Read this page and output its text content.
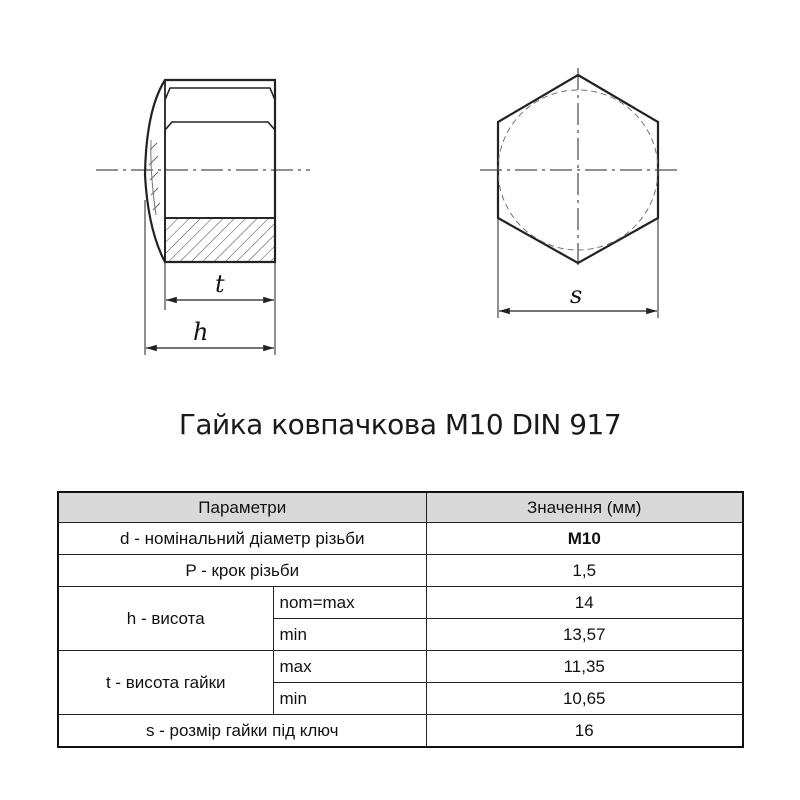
t
h
s
Гайка ковпачкова М10 DIN 917
Параметри		Значення (мм)
d - номінальний діаметр різьби		M10
P - крок різьби		1,5
h - висота	nom=max	14
	min	13,57
t - висота гайки	max	11,35
	min	10,65
s - розмір гайки під ключ		16
